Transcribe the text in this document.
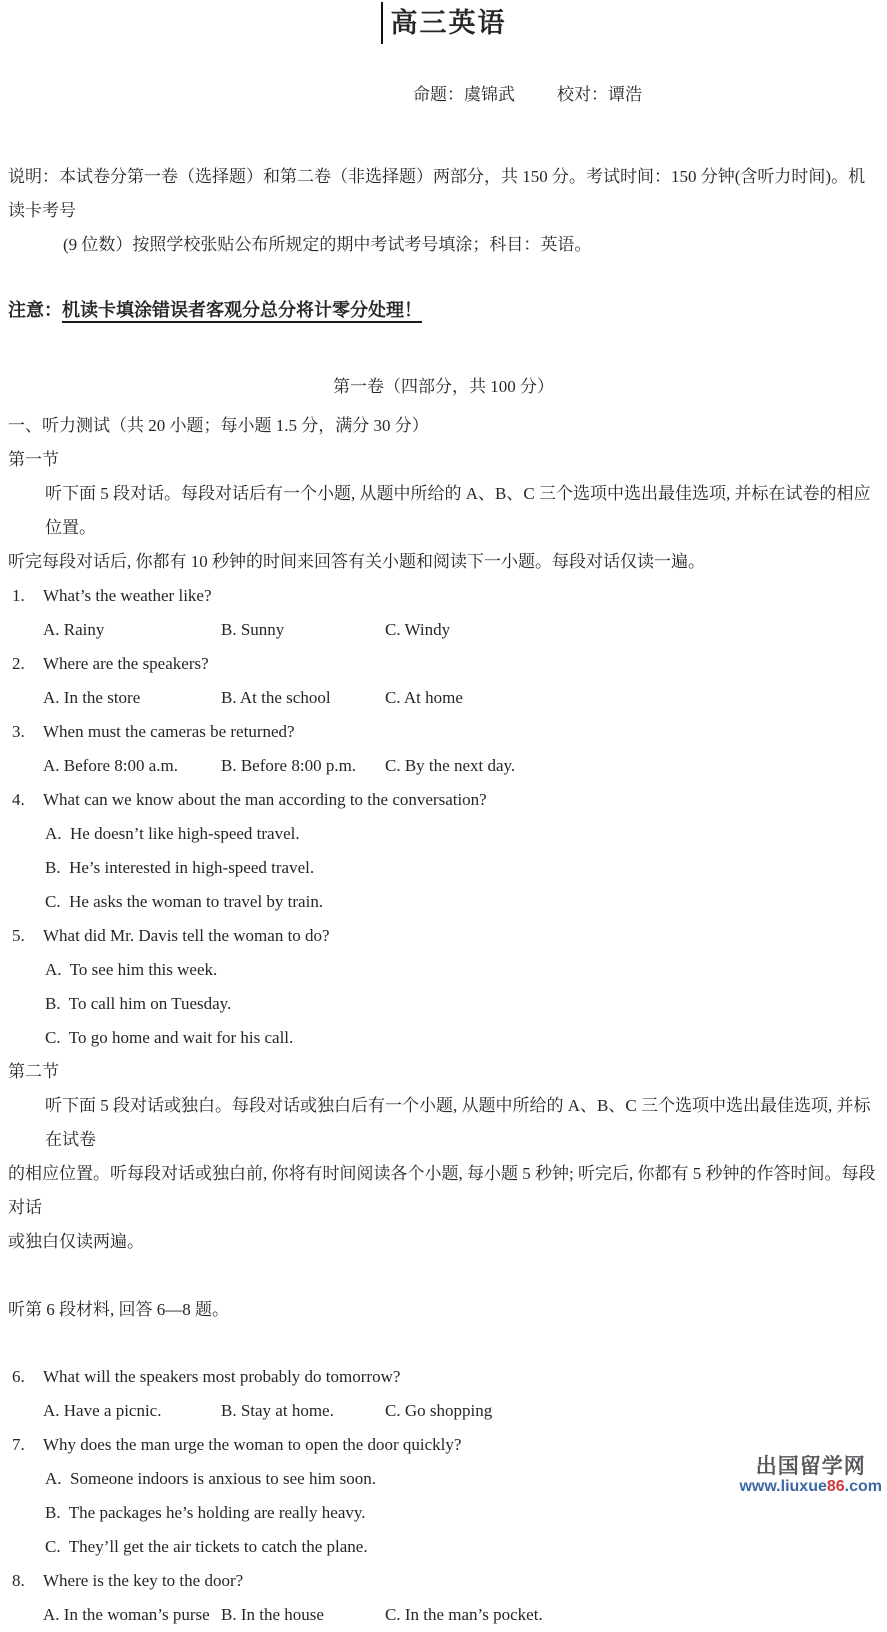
高三英语
命题：虞锦武 校对：谭浩
说明：本试卷分第一卷（选择题）和第二卷（非选择题）两部分，共 150 分。考试时间：150 分钟(含听力时间)。机读卡考号
(9 位数）按照学校张贴公布所规定的期中考试考号填涂；科目：英语。
注意：机读卡填涂错误者客观分总分将计零分处理！
第一卷（四部分，共 100 分）
一、听力测试（共 20 小题；每小题 1.5 分，满分 30 分）
第一节

听下面 5 段对话。每段对话后有一个小题, 从题中所给的 A、B、C 三个选项中选出最佳选项, 并标在试卷的相应位置。

听完每段对话后, 你都有 10 秒钟的时间来回答有关小题和阅读下一小题。每段对话仅读一遍。

1. What’s the weather like?
A. Rainy	B. Sunny	C. Windy
2. Where are the speakers?
A. In the store	B. At the school	C. At home
3. When must the cameras be returned?
A. Before 8:00 a.m.	B. Before 8:00 p.m. C. By the next day.
4. What can we know about the man according to the conversation?
A.  He doesn’t like high-speed travel.
B.  He’s interested in high-speed travel.
C.  He asks the woman to travel by train.
5. What did Mr. Davis tell the woman to do?
A.  To see him this week.
B.  To call him on Tuesday.
C.  To go home and wait for his call.
第二节

听下面 5 段对话或独白。每段对话或独白后有一个小题, 从题中所给的 A、B、C 三个选项中选出最佳选项, 并标在试卷

的相应位置。听每段对话或独白前, 你将有时间阅读各个小题, 每小题 5 秒钟; 听完后, 你都有 5 秒钟的作答时间。每段对话

或独白仅读两遍。

听第 6 段材料, 回答 6—8 题。
6. What will the speakers most probably do tomorrow?
A. Have a picnic.	B. Stay at home.	C. Go shopping
7. Why does the man urge the woman to open the door quickly?
A.  Someone indoors is anxious to see him soon.
B.  The packages he’s holding are really heavy.
C.  They’ll get the air tickets to catch the plane.
8. Where is the key to the door?
A. In the woman’s purse B. In the house	C. In the man’s pocket.
出国留学网
www.liuxue86.com
